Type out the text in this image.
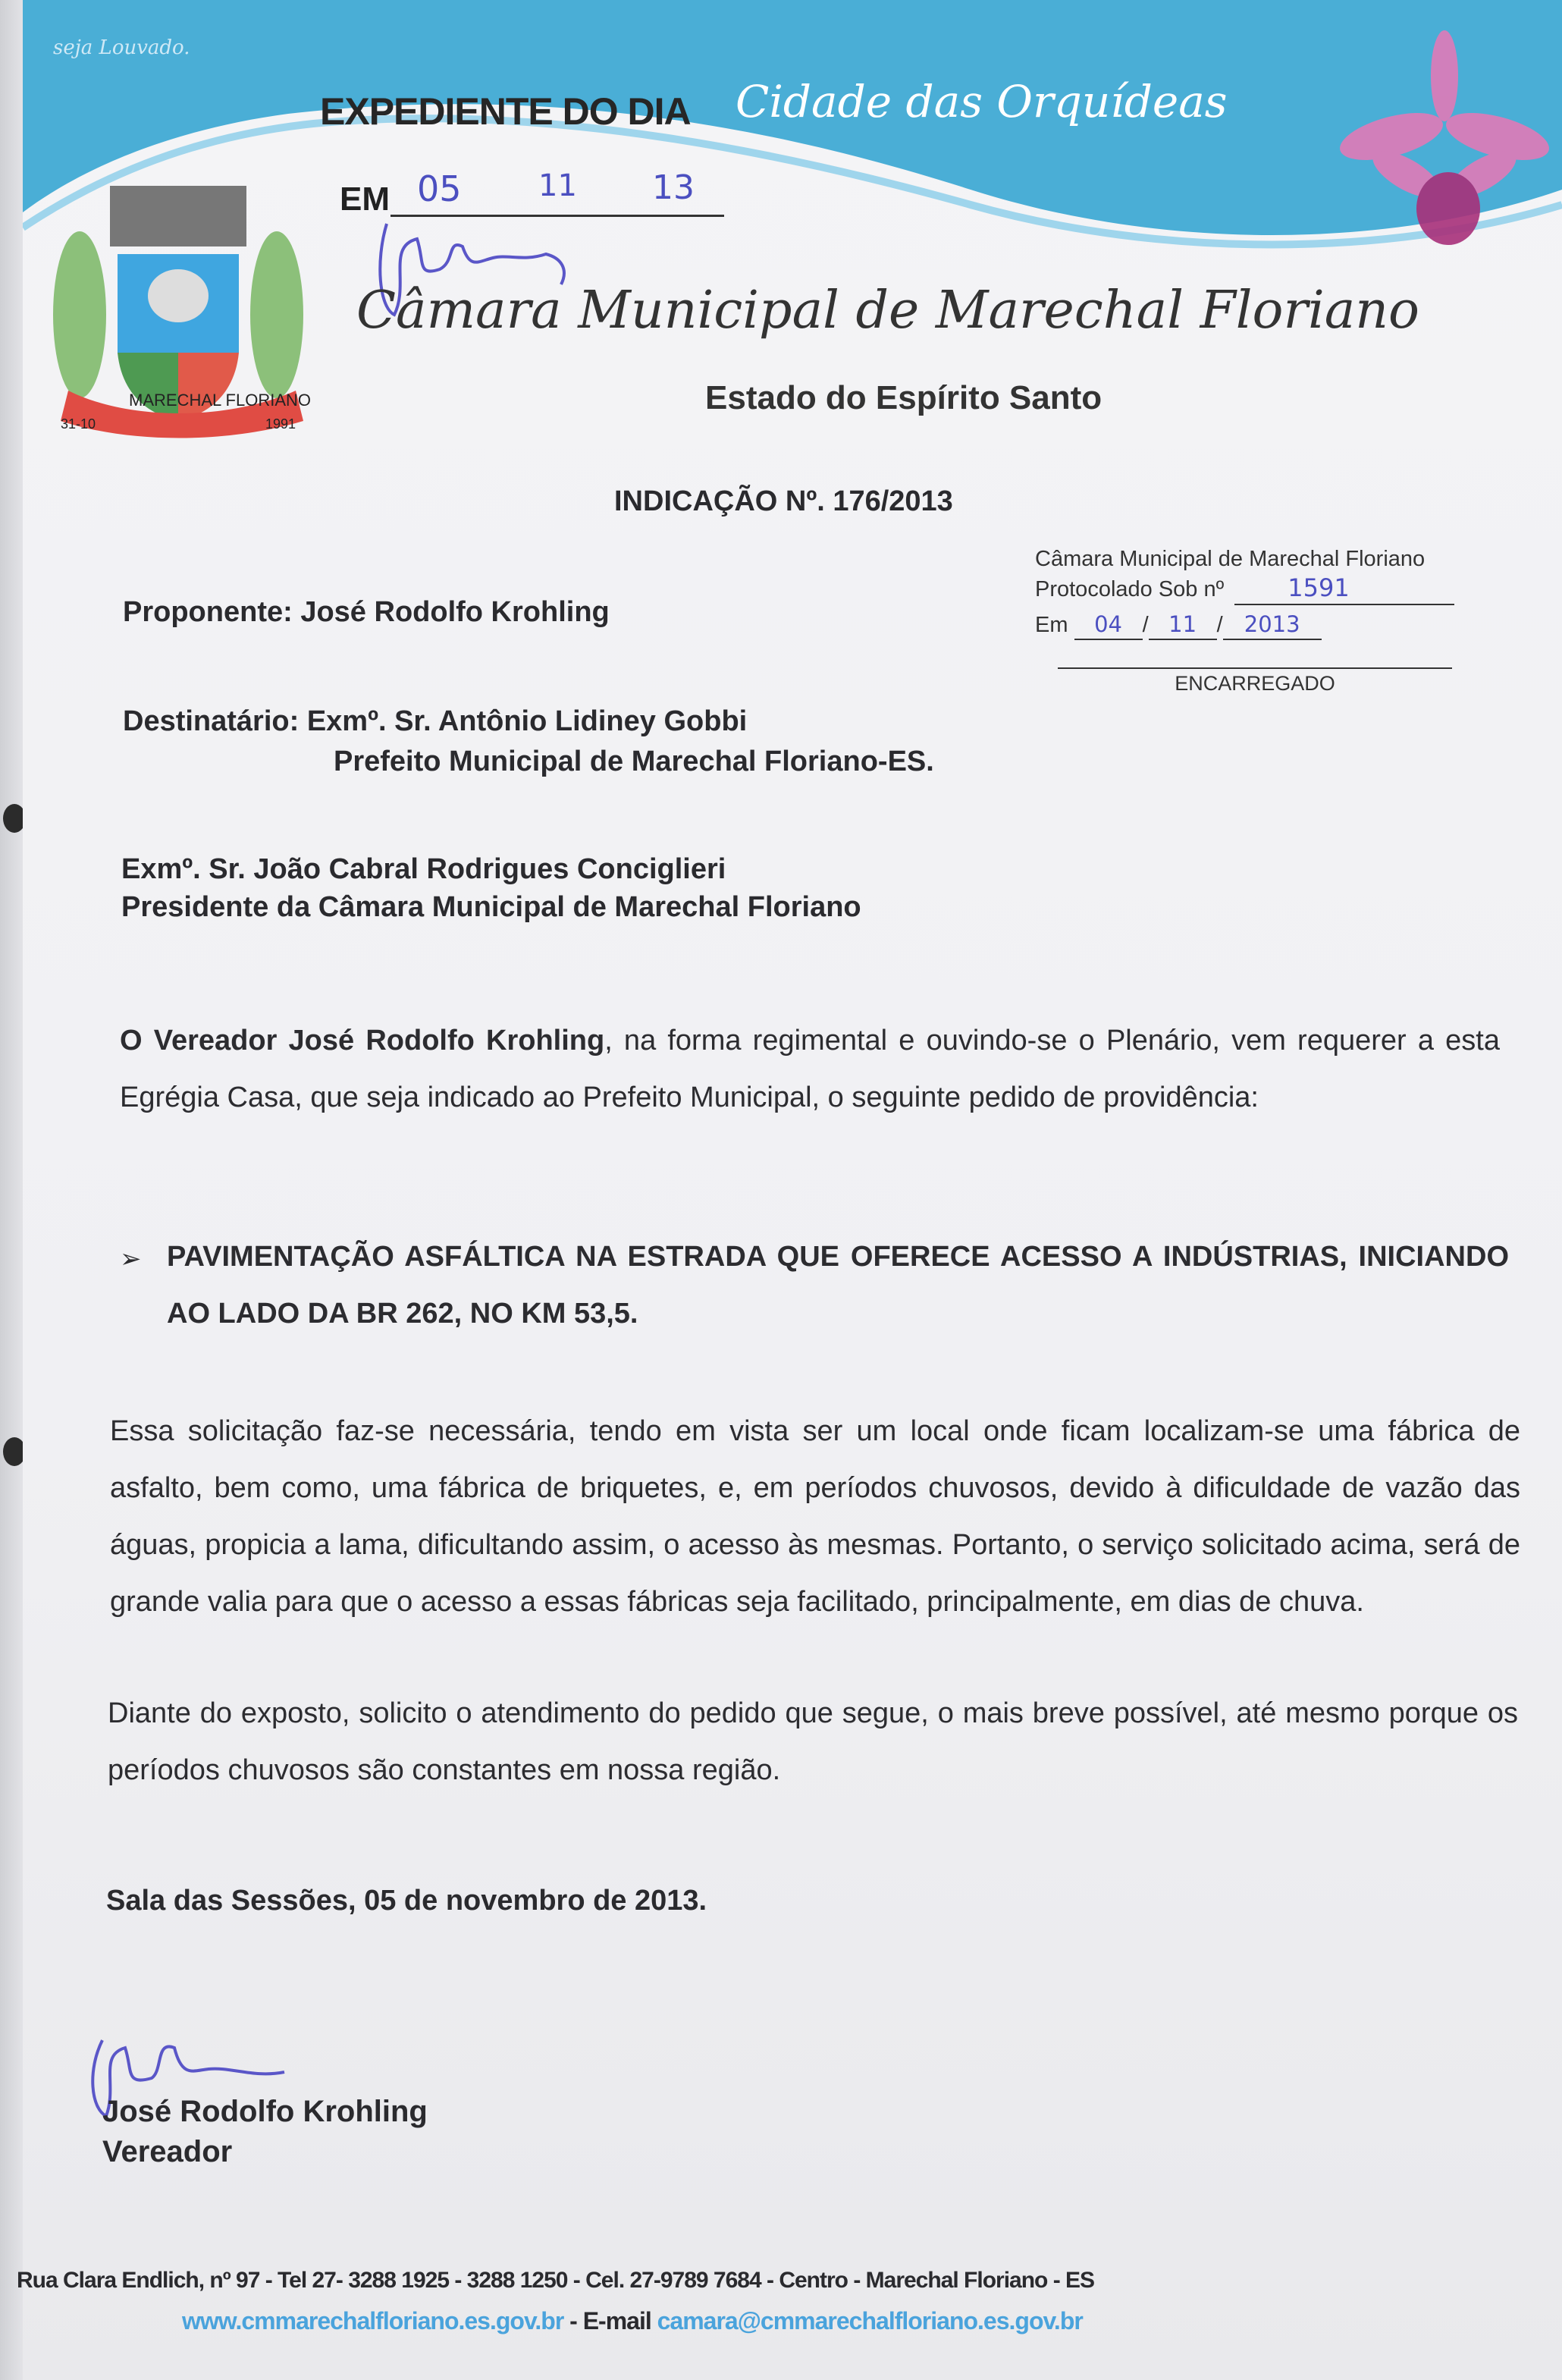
seja Louvado.
EXPEDIENTE DO DIA Cidade das Orquídeas
EM 05	11 13
MARECHAL FLORIANO
31-10	1991
Câmara Municipal de Marechal Floriano
Estado do Espírito Santo
INDICAÇÃO Nº. 176/2013
Câmara Municipal de Marechal Floriano
Protocolado Sob nº	1591
Em 04 / 11 / 2013
ENCARREGADO
Proponente: José Rodolfo Krohling
Destinatário: Exmº. Sr. Antônio Lidiney Gobbi
Prefeito Municipal de Marechal Floriano-ES.
Exmº. Sr. João Cabral Rodrigues Conciglieri
Presidente da Câmara Municipal de Marechal Floriano
O Vereador José Rodolfo Krohling, na forma regimental e ouvindo-se o Plenário, vem requerer a esta Egrégia Casa, que seja indicado ao Prefeito Municipal, o seguinte pedido de providência:
➢ PAVIMENTAÇÃO ASFÁLTICA NA ESTRADA QUE OFERECE ACESSO A INDÚSTRIAS, INICIANDO AO LADO DA BR 262, NO KM 53,5.
Essa solicitação faz-se necessária, tendo em vista ser um local onde ficam localizam-se uma fábrica de asfalto, bem como, uma fábrica de briquetes, e, em períodos chuvosos, devido à dificuldade de vazão das águas, propicia a lama, dificultando assim, o acesso às mesmas. Portanto, o serviço solicitado acima, será de grande valia para que o acesso a essas fábricas seja facilitado, principalmente, em dias de chuva.
Diante do exposto, solicito o atendimento do pedido que segue, o mais breve possível, até mesmo porque os períodos chuvosos são constantes em nossa região.
Sala das Sessões, 05 de novembro de 2013.
José Rodolfo Krohling
Vereador
Rua Clara Endlich, nº 97 - Tel 27- 3288 1925 - 3288 1250 - Cel. 27-9789 7684 - Centro - Marechal Floriano - ES
www.cmmarechalfloriano.es.gov.br - E-mail camara@cmmarechalfloriano.es.gov.br
